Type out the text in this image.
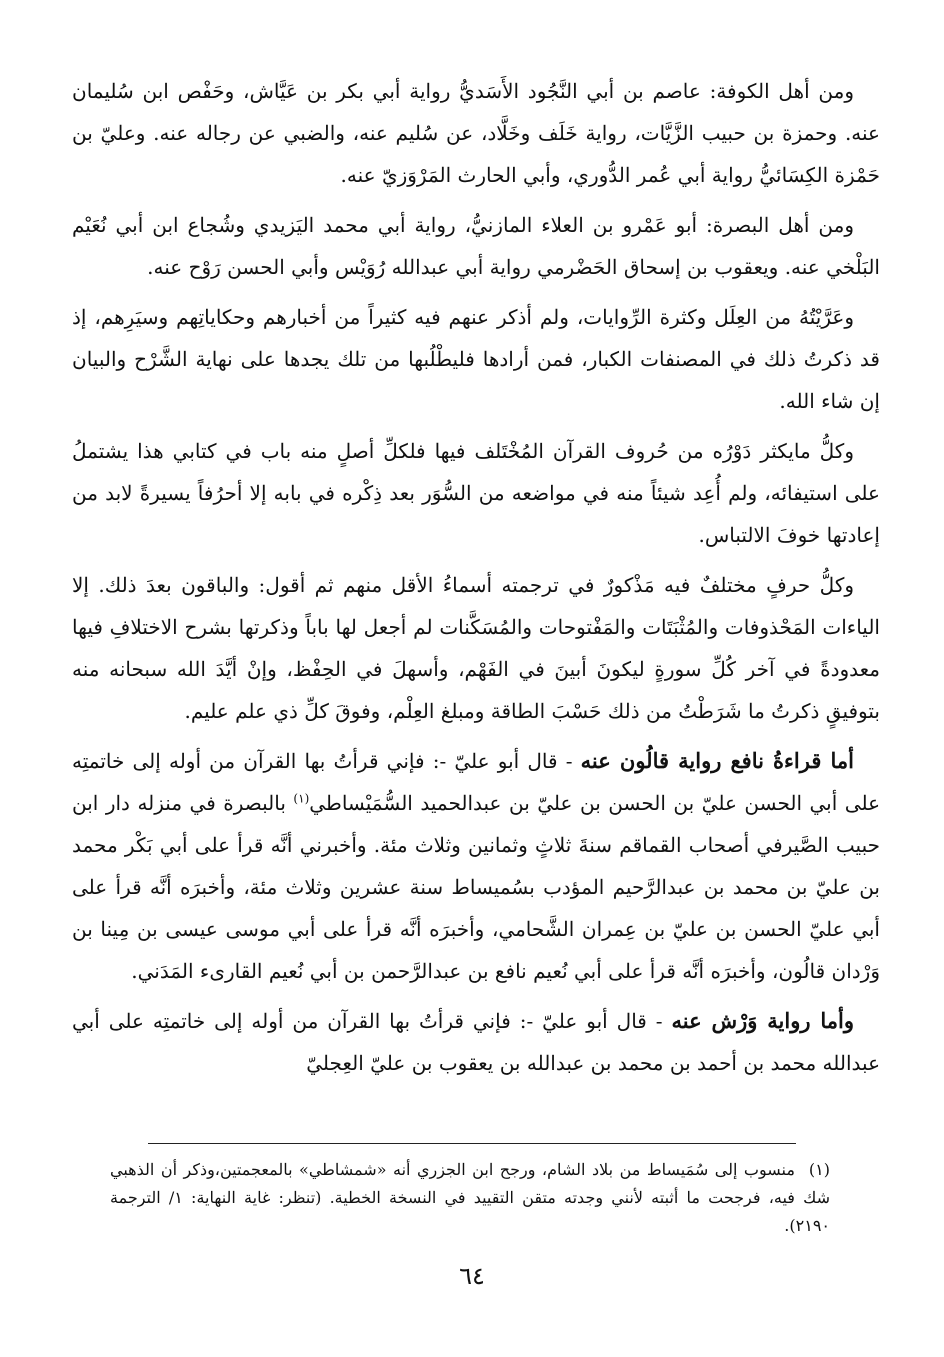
ومن أهل الكوفة: عاصم بن أبي النَّجُود الأَسَديُّ رواية أبي بكر بن عَيَّاش، وحَفْص ابن سُليمان عنه. وحمزة بن حبيب الزَّيَّات، رواية خَلَف وخَلَّاد، عن سُليم عنه، والضبي عن رجاله عنه. وعليّ بن حَمْزة الكِسَائيُّ رواية أبي عُمر الدُّوري، وأبي الحارث المَرْوَزيّ عنه.

ومن أهل البصرة: أبو عَمْرو بن العلاء المازنيُّ، رواية أبي محمد اليَزيدي وشُجاع ابن أبي نُعَيْم البَلْخي عنه. ويعقوب بن إسحاق الحَضْرمي رواية أبي عبدالله رُوَيْس وأبي الحسن رَوْح عنه.

وعَرَّيْتُهُ من العِلَل وكثرة الرِّوايات، ولم أذكر عنهم فيه كثيراً من أخبارهم وحكاياتِهم وسيَرِهم، إذ قد ذكرتُ ذلك في المصنفات الكبار، فمن أرادها فليطْلُبها من تلك يجدها على نهاية الشَّرْح والبيان إن شاء الله.

وكلُّ مايكثر دَوْرُه من حُروف القرآن المُخْتَلف فيها فلكلِّ أصلٍ منه باب في كتابي هذا يشتملُ على استيفائه، ولم أُعِد شيئاً منه في مواضعه من السُّوَر بعد ذِكْره في بابه إلا أحرُفاً يسيرةً لابد من إعادتها خوفَ الالتباس.

وكلُّ حرفٍ مختلفٌ فيه مَذْكورٌ في ترجمته أسماءُ الأقل منهم ثم أقول: والباقون بعدَ ذلك. إلا الياءات المَحْذوفات والمُثْبَتَات والمَفْتوحات والمُسَكَّنات لم أجعل لها باباً وذكرتها بشرح الاختلافِ فيها معدودةً في آخر كُلِّ سورةٍ ليكونَ أبينَ في الفَهْم، وأسهلَ في الحِفْظ، وإنْ أيَّدَ الله سبحانه منه بتوفيقٍ ذكرتُ ما شَرَطْتُ من ذلك حَسْبَ الطاقة ومبلغ العِلْم، وفوقَ كلِّ ذي علم عليم.

أما قراءةُ نافع رواية قالُون عنه - قال أبو عليّ -: فإني قرأتُ بها القرآن من أوله إلى خاتمتِه على أبي الحسن عليّ بن الحسن بن عليّ بن عبدالحميد السُّمَيْساطي$^{(١)}$ بالبصرة في منزله دار ابن حبيب الصَّيرفي أصحاب القماقم سنةَ ثلاثٍ وثمانين وثلاث مئة. وأخبرني أنَّه قرأ على أبي بَكْر محمد بن عليّ بن محمد بن عبدالرَّحيم المؤدب بسُميساط سنة عشرين وثلاث مئة، وأخبرَه أنَّه قرأ على أبي عليّ الحسن بن عليّ بن عِمران الشَّحامي، وأخبرَه أنَّه قرأ على أبي موسى عيسى بن مِينا بن وَرْدان قالُون، وأخبرَه أنَّه قرأ على أبي نُعيم نافع بن عبدالرَّحمن بن أبي نُعيم القارىء المَدَني.

وأما رواية وَرْش عنه - قال أبو عليّ -: فإني قرأتُ بها القرآن من أوله إلى خاتمتِه على أبي عبدالله محمد بن أحمد بن محمد بن عبدالله بن يعقوب بن عليّ العِجليّ

(١)منسوب إلى سُمَيساط من بلاد الشام، ورجح ابن الجزري أنه «شمشاطي» بالمعجمتين،وذكر أن الذهبي شك فيه، فرجحت ما أثبته لأنني وجدته متقن التقييد في النسخة الخطية. (تنظر: غاية النهاية: ١/ الترجمة ٢١٩٠).
٦٤
